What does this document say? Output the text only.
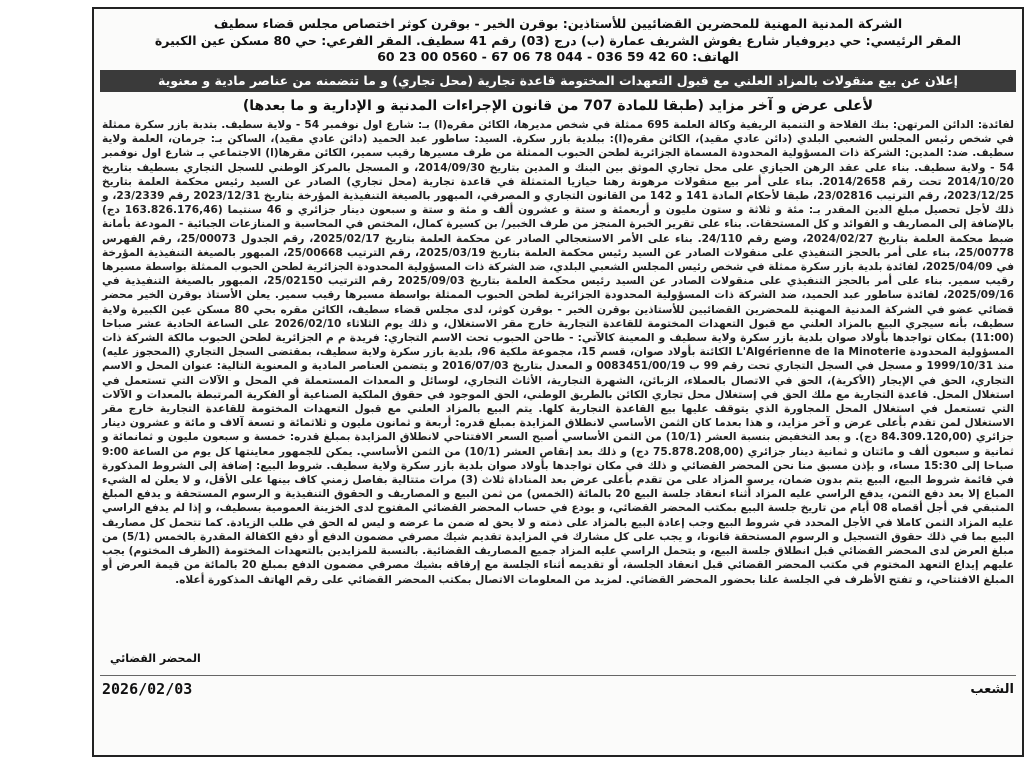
الشركة المدنية المهنية للمحضرين القضائيين للأستاذين: بوقرن الخير - بوقرن كوثر اختصاص مجلس قضاء سطيف
المقر الرئيسي: حي ديروفيار شارع يفوش الشريف عمارة (ب) درج (03) رقم 41 سطيف. المقر الفرعي: حي 80 مسكن عين الكبيرة
الهاتف: 60 42 59 036 - 044 78 06 67 - 0560 00 23 60
إعلان عن بيع منقولات بالمزاد العلني مع قبول التعهدات المختومة قاعدة تجارية (محل تجاري) و ما تتضمنه من عناصر مادية و معنوية
لأعلى عرض و آخر مزايد (طبقا للمادة 707 من قانون الإجراءات المدنية و الإدارية و ما بعدها)
لفائدة: الدائن المرتهن: بنك الفلاحة و التنمية الريفية وكالة العلمة 695 ممثلة في شخص مديرها، الكائن مقره(ا) بـ: شارع اول نوفمبر 54 - ولاية سطيف. بتدبة بازر سكرة ممثلة في شخص رئيس المجلس الشعبي البلدي (دائن عادي مقيد)، الكائن مقره(ا): ببلدية بازر سكرة. السيد: ساطور عبد الحميد (دائن عادي مقيد)، الساكن بـ: جرمان، العلمة ولاية سطيف. ضد: المدين: الشركة ذات المسؤولية المحدودة المسماة الجزائرية لطحن الحبوب الممثلة من طرف مسيرها رقيب سمير، الكائن مقرها(ا) الاجتماعي بـ شارع اول نوفمبر 54 - ولاية سطيف. بناء على عقد الرهن الحيازي على محل تجاري الموثق بين البنك و المدين بتاريخ 2014/09/30، و المسجل بالمركز الوطني للسجل التجاري بسطيف بتاريخ 2014/10/20 تحت رقم 2014/2658. بناء على أمر بيع منقولات مرهونة رهنا حيازيا المتمثلة في قاعدة تجارية (محل تجاري) الصادر عن السيد رئيس محكمة العلمة بتاريخ 2023/12/25، رقم الترتيب 23/02816، طبقا لأحكام المادة 141 و 142 من القانون التجاري و المصرفي، المبهور بالصيغة التنفيذية المؤرخة بتاريخ 2023/12/31 رقم 23/2339، و ذلك لأجل تحصيل مبلغ الدين المقدر بـ: مئة و ثلاثة و ستون مليون و أربعمئة و ستة و عشرون ألف و مئة و ستة و سبعون دينار جزائري و 46 سنتيما (163.826.176,46 دج) بالإضافة إلى المصاريف و الفوائد و كل المستحقات. بناء على تقرير الخبرة المنجز من طرف الخبير/ بن كسيرة كمال، المختص في المحاسبة و المنازعات الجبائية - المودعة بأمانة ضبط محكمة العلمة بتاريخ 2024/02/27، وضع رقم 24/110. بناء على الأمر الاستعجالي الصادر عن محكمة العلمة بتاريخ 2025/02/17، رقم الجدول 25/00073، رقم الفهرس 25/00778، بناء على أمر بالحجز التنفيذي على منقولات الصادر عن السيد رئيس محكمة العلمة بتاريخ 2025/03/19، رقم الترتيب 25/00668، المبهور بالصيغة التنفيذية المؤرخة في 2025/04/09، لفائدة بلدية بازر سكرة ممثلة في شخص رئيس المجلس الشعبي البلدي، ضد الشركة ذات المسؤولية المحدودة الجزائرية لطحن الحبوب الممثلة بواسطة مسيرها رقيب سمير. بناء على أمر بالحجز التنفيذي على منقولات الصادر عن السيد رئيس محكمة العلمة بتاريخ 2025/09/03 رقم الترتيب 25/02150، المبهور بالصيغة التنفيذية في 2025/09/16، لفائدة ساطور عبد الحميد، ضد الشركة ذات المسؤولية المحدودة الجزائرية لطحن الحبوب الممثلة بواسطة مسيرها رقيب سمير. يعلن الأستاذ بوقرن الخير محضر قضائي عضو في الشركة المدنية المهنية للمحضرين القضائيين للأستاذين بوقرن الخير - بوقرن كوثر، لدى مجلس قضاء سطيف، الكائن مقره بحي 80 مسكن عين الكبيرة ولاية سطيف، بأنه سيجري البيع بالمزاد العلني مع قبول التعهدات المختومة للقاعدة التجارية خارج مقر الاستغلال، و ذلك يوم الثلاثاء 2026/02/10 على الساعة الحادية عشر صباحا (11:00) بمكان تواجدها بأولاد صوان بلدية بازر سكرة ولاية سطيف و المعينة كالآتي: - طاحن الحبوب تحت الاسم التجاري: فريدة م م الجزائرية لطحن الحبوب مالكة الشركة ذات المسؤولية المحدودة L'Algérienne de la Minoterie الكائنة بأولاد صوان، قسم 15، مجموعة ملكية 96، بلدية بازر سكرة ولاية سطيف، بمقتضى السجل التجاري (المحجوز عليه) منذ 1999/10/31 و مسجل في السجل التجاري تحت رقم 99 ب 0083451/00/19 و المعدل بتاريخ 2016/07/03 و يتضمن العناصر المادية و المعنوية التالية: عنوان المحل و الاسم التجاري، الحق في الإيجار (الأكرية)، الحق في الاتصال بالعملاء، الزبائن، الشهرة التجارية، الأثاث التجاري، لوسائل و المعدات المستعملة في المحل و الآلات التي تستعمل في استغلال المحل. قاعدة التجارية مع ملك الحق في إستغلال محل تجاري الكائن بالطريق الوطني، الحق الموجود في حقوق الملكية الصناعية أو الفكرية المرتبطة بالمعدات و الآلات التي تستعمل في استغلال المحل المجاورة الذي يتوقف عليها بيع القاعدة التجارية كلها. يتم البيع بالمزاد العلني مع قبول التعهدات المختومة للقاعدة التجارية خارج مقر الاستغلال لمن تقدم بأعلى عرض و آخر مزايد، و هذا بعدما كان الثمن الأساسي لانطلاق المزايدة بمبلغ قدره: أربعة و ثمانون مليون و ثلاثمائة و تسعة آلاف و مائة و عشرون دينار جزائري (84.309.120,00 دج). و بعد التخفيض بنسبة العشر (10/1) من الثمن الأساسي أصبح السعر الافتتاحي لانطلاق المزايدة بمبلغ قدره: خمسة و سبعون مليون و ثمانمائة و ثمانية و سبعون ألف و مائتان و ثمانية دينار جزائري (75.878.208,00 دج) و ذلك بعد إنقاص العشر (10/1) من الثمن الأساسي. يمكن للجمهور معاينتها كل يوم من الساعة 9:00 صباحا إلى 15:30 مساء، و بإذن مسبق منا نحن المحضر القضائي و ذلك في مكان تواجدها بأولاد صوان بلدية بازر سكرة ولاية سطيف. شروط البيع: إضافة إلى الشروط المذكورة في قائمة شروط البيع، البيع يتم بدون ضمان، يرسو المزاد على من تقدم بأعلى عرض بعد المناداة ثلاث (3) مرات متتالية بفاصل زمني كاف بينها على الأقل، و لا يعلن له الشيء المباع إلا بعد دفع الثمن، يدفع الراسي عليه المزاد أثناء انعقاد جلسة البيع 20 بالمائة (الخمس) من ثمن البيع و المصاريف و الحقوق التنفيذية و الرسوم المستحقة و يدفع المبلغ المتبقي في أجل أقصاه 08 أيام من تاريخ جلسة البيع بمكتب المحضر القضائي، و يودع في حساب المحضر القضائي المفتوح لدى الخزينة العمومية بسطيف، و إذا لم يدفع الراسي عليه المزاد الثمن كاملا في الأجل المحدد في شروط البيع وجب إعادة البيع بالمزاد على ذمته و لا يحق له ضمن ما عرضه و ليس له الحق في طلب الزيادة. كما تتحمل كل مصاريف البيع بما في ذلك حقوق التسجيل و الرسوم المستحقة قانونا، و يجب على كل مشارك في المزايدة تقديم شيك مصرفي مضمون الدفع أو دفع الكفالة المقدرة بالخمس (5/1) من مبلغ العرض لدى المحضر القضائي قبل انطلاق جلسة البيع، و يتحمل الراسي عليه المزاد جميع المصاريف القضائية. بالنسبة للمزايدين بالتعهدات المختومة (الظرف المختوم) يجب عليهم إيداع التعهد المختوم في مكتب المحضر القضائي قبل انعقاد الجلسة، أو تقديمه أثناء الجلسة مع إرفاقه بشيك مصرفي مضمون الدفع بمبلغ 20 بالمائة من قيمة العرض أو المبلغ الافتتاحي، و تفتح الأظرف في الجلسة علنا بحضور المحضر القضائي. لمزيد من المعلومات الاتصال بمكتب المحضر القضائي على رقم الهاتف المذكورة أعلاه.
المحضر القضائي
الشعب
2026/02/03
